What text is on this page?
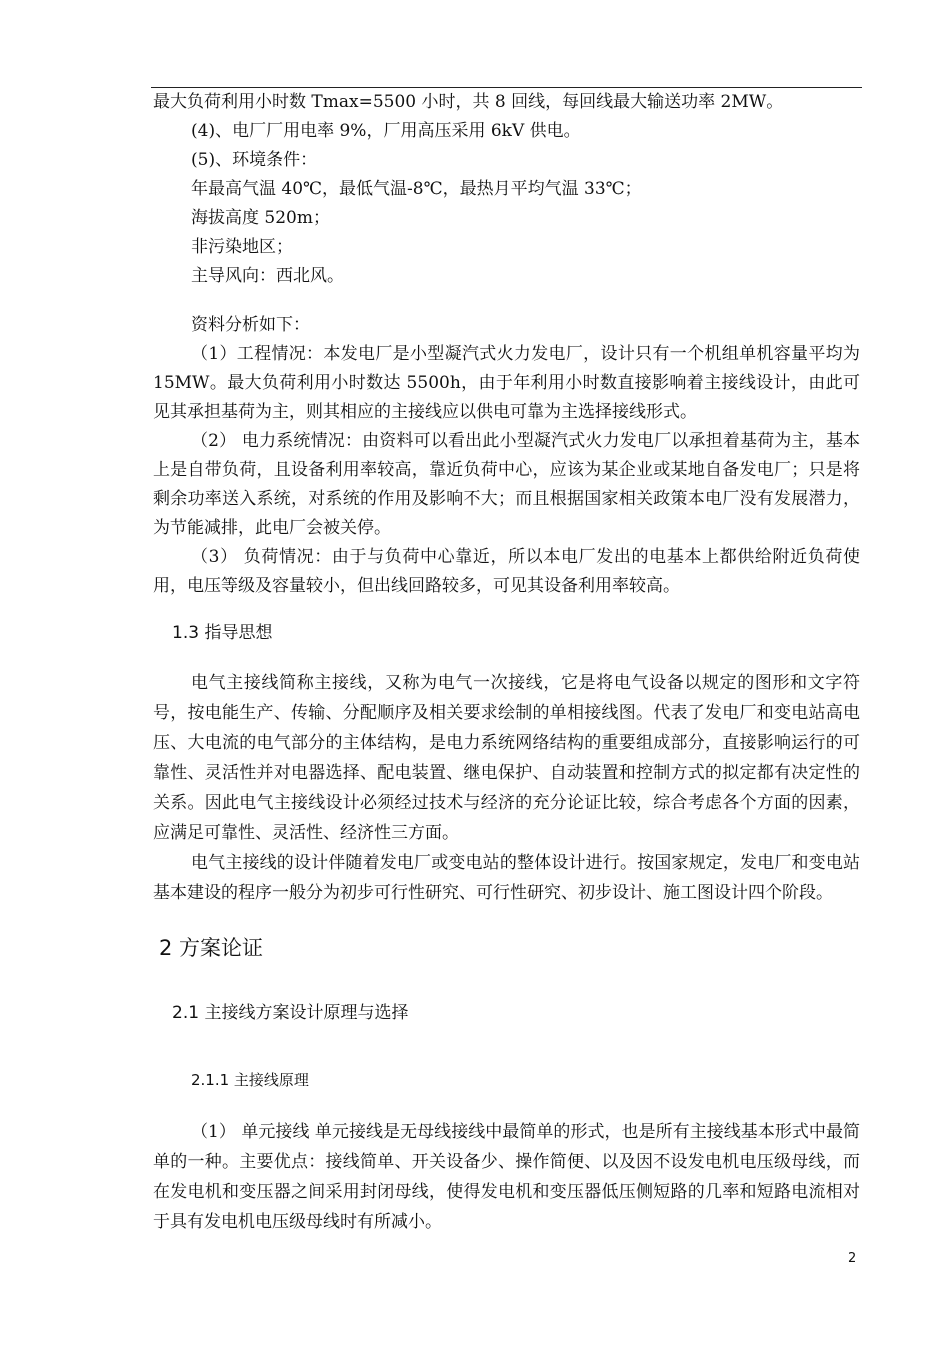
最大负荷利用小时数 Tmax=5500 小时，共 8 回线，每回线最大输送功率 2MW。

(4)、电厂厂用电率 9%，厂用高压采用 6kV 供电。

(5)、环境条件：

年最高气温 40℃，最低气温-8℃，最热月平均气温 33℃；

海拔高度 520m；

非污染地区；

主导风向：西北风。

资料分析如下：

（1）工程情况：本发电厂是小型凝汽式火力发电厂，设计只有一个机组单机容量平均为 15MW。最大负荷利用小时数达 5500h，由于年利用小时数直接影响着主接线设计，由此可见其承担基荷为主，则其相应的主接线应以供电可靠为主选择接线形式。

（2） 电力系统情况：由资料可以看出此小型凝汽式火力发电厂以承担着基荷为主，基本上是自带负荷，且设备利用率较高，靠近负荷中心，应该为某企业或某地自备发电厂；只是将剩余功率送入系统，对系统的作用及影响不大；而且根据国家相关政策本电厂没有发展潜力，为节能减排，此电厂会被关停。

（3） 负荷情况：由于与负荷中心靠近，所以本电厂发出的电基本上都供给附近负荷使用，电压等级及容量较小，但出线回路较多，可见其设备利用率较高。

1.3 指导思想

电气主接线简称主接线，又称为电气一次接线，它是将电气设备以规定的图形和文字符号，按电能生产、传输、分配顺序及相关要求绘制的单相接线图。代表了发电厂和变电站高电压、大电流的电气部分的主体结构，是电力系统网络结构的重要组成部分，直接影响运行的可靠性、灵活性并对电器选择、配电装置、继电保护、自动装置和控制方式的拟定都有决定性的关系。因此电气主接线设计必须经过技术与经济的充分论证比较，综合考虑各个方面的因素，应满足可靠性、灵活性、经济性三方面。

电气主接线的设计伴随着发电厂或变电站的整体设计进行。按国家规定，发电厂和变电站基本建设的程序一般分为初步可行性研究、可行性研究、初步设计、施工图设计四个阶段。

2 方案论证
2.1 主接线方案设计原理与选择
2.1.1 主接线原理

（1） 单元接线 单元接线是无母线接线中最简单的形式，也是所有主接线基本形式中最简单的一种。主要优点：接线简单、开关设备少、操作简便、以及因不设发电机电压级母线，而在发电机和变压器之间采用封闭母线，使得发电机和变压器低压侧短路的几率和短路电流相对于具有发电机电压级母线时有所减小。

2
